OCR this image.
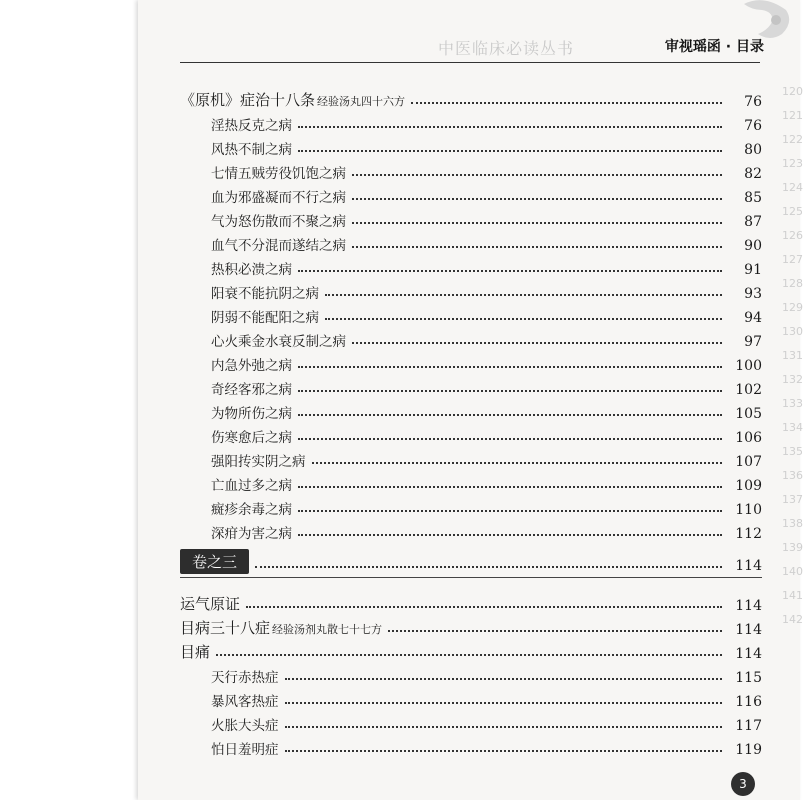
中医临床必读丛书	审视瑶函 · 目录
120
121
122
123
124
125
126
127
128
129
130
131
132
133
134
135
136
137
138
139
140
141
142
《原机》症治十八条 经验汤丸四十六方	76
淫热反克之病	76
风热不制之病	80
七情五贼劳役饥饱之病	82
血为邪盛凝而不行之病	85
气为怒伤散而不聚之病	87
血气不分混而遂结之病	90
热积必溃之病	91
阳衰不能抗阴之病	93
阴弱不能配阳之病	94
心火乘金水衰反制之病	97
内急外弛之病	100
奇经客邪之病	102
为物所伤之病	105
伤寒愈后之病	106
强阳抟实阴之病	107
亡血过多之病	109
癍疹余毒之病	110
深疳为害之病	112
卷之三	114
运气原证	114
目病三十八症 经验汤剂丸散七十七方	114
目痛	114
天行赤热症	115
暴风客热症	116
火胀大头症	117
怕日羞明症	119
3
